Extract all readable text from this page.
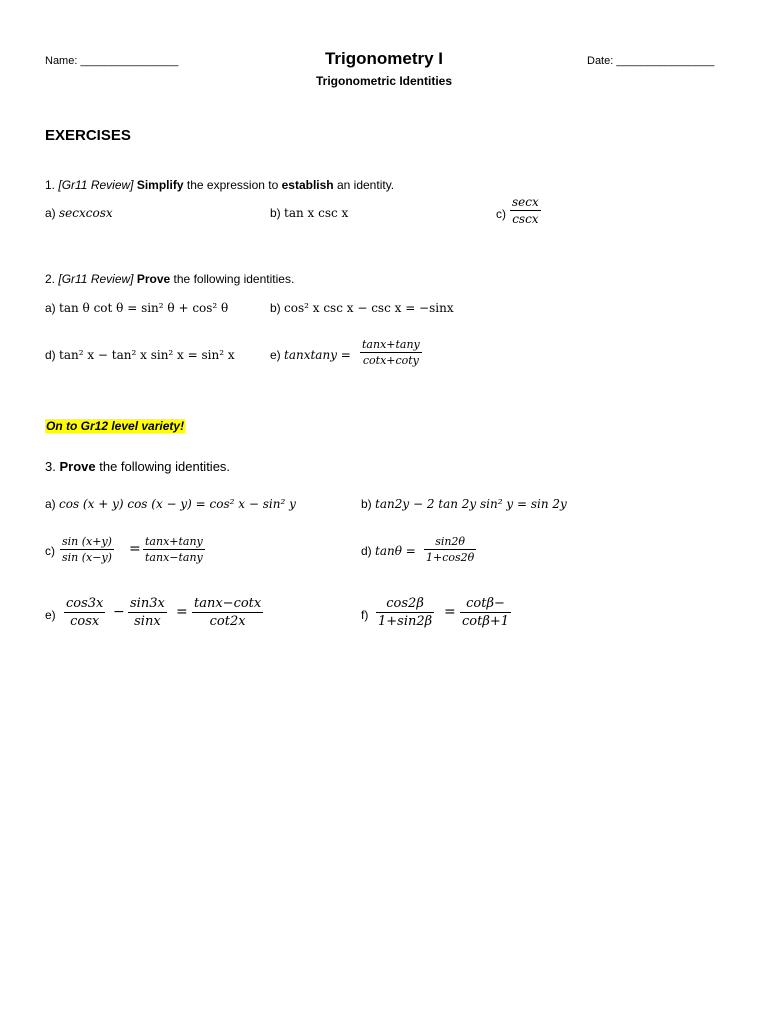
Name: ________________	Trigonometry I
Trigonometric Identities
Date: ________________
EXERCISES
1. [Gr11 Review] Simplify the expression to establish an identity.
a) secxcosx	b) tan x csc x	c)
secx
cscx
2. [Gr11 Review] Prove the following identities.
a) tan θ cot θ = sin² θ + cos² θ	b) cos² x csc x − csc x = −sinx
d) tan² x − tan² x sin² x = sin² x	e) tanxtany = $\frac{\tan x+\tan y}{\cot x+\cot y}$
On to Gr12 level variety!
3. Prove the following identities.
a) cos (x + y) cos (x − y) = cos² x − sin² y	b) tan2y − 2 tan 2y sin² y = sin 2y
$c) \frac{\sin (x+y)}{\sin (x-y)} = \frac{\tan x+\tan y}{\tan x-\tan y}$	d) $\tan\theta = \frac{\sin 2\theta}{1+\cos 2\theta}$
$e) \frac{\cos 3x}{\cos x} - \frac{\sin 3x}{\sin x} = \frac{\tan x-\cot x}{\cot 2x}$	$f) \frac{\cos 2\beta}{1+\sin 2\beta} = \frac{\cot\beta-}{\cot\beta+1}$
